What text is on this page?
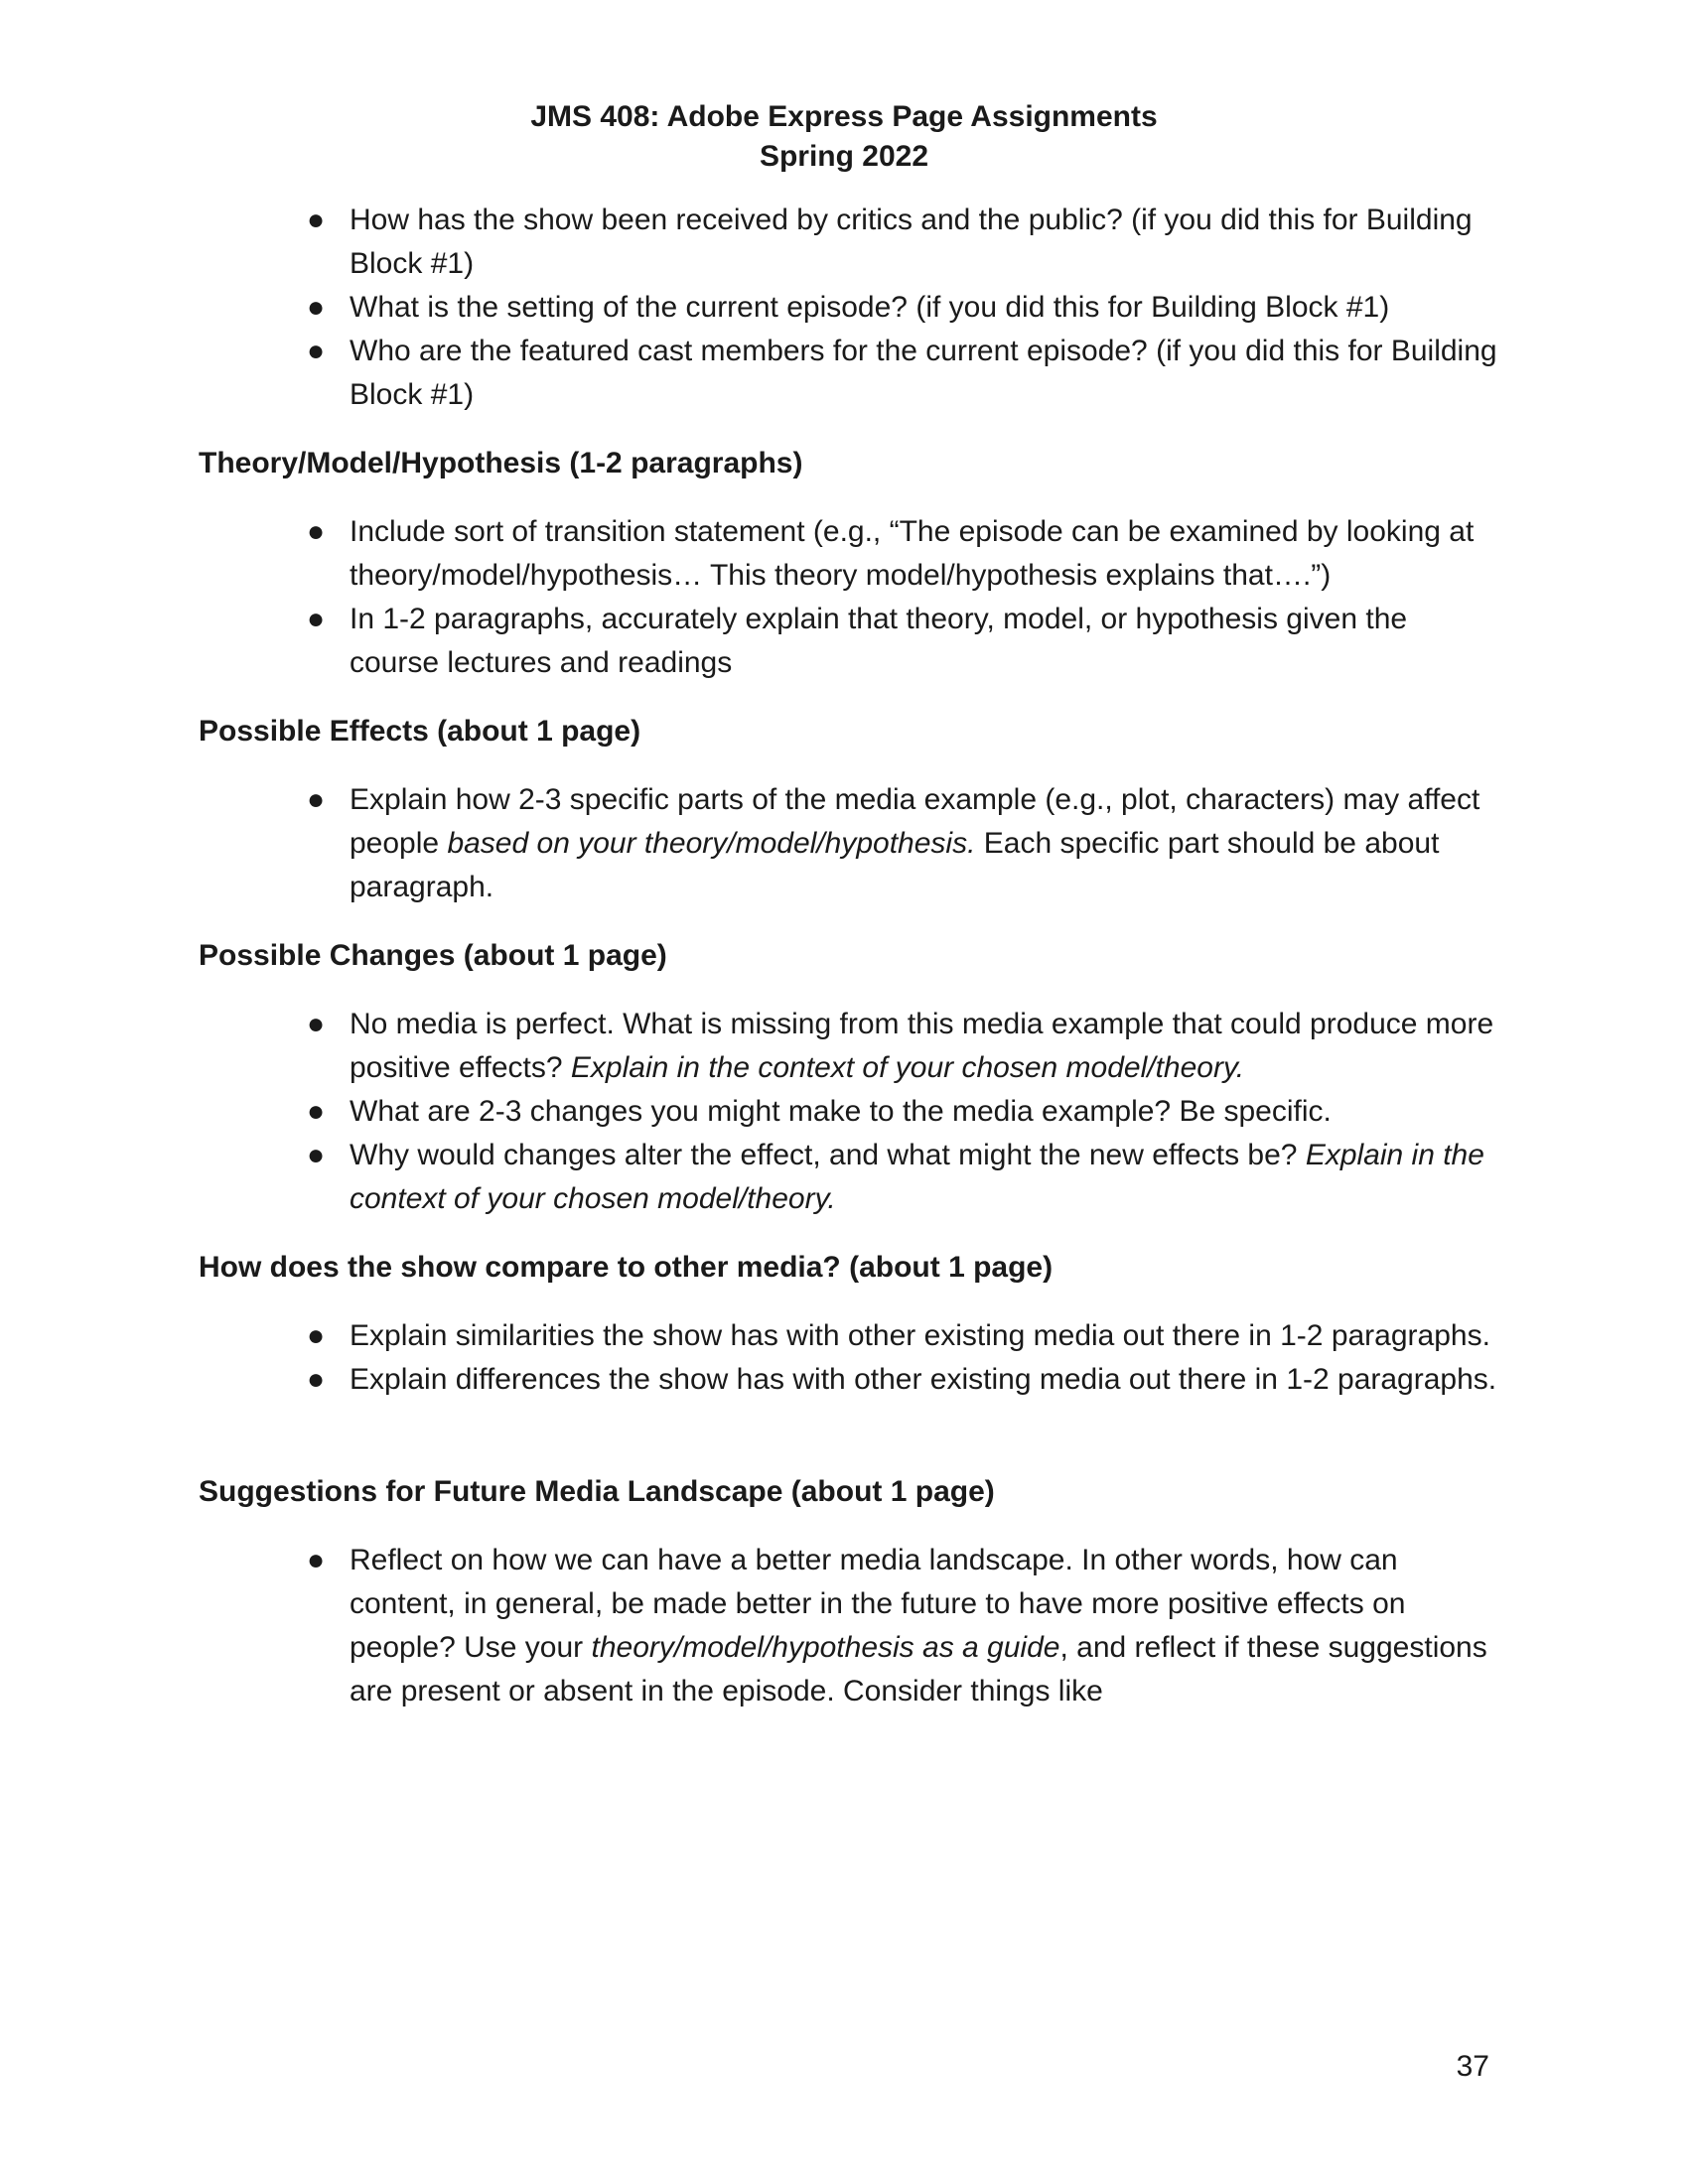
JMS 408: Adobe Express Page Assignments
Spring 2022
● How has the show been received by critics and the public? (if you did this for Building Block #1)
● What is the setting of the current episode? (if you did this for Building Block #1)
● Who are the featured cast members for the current episode? (if you did this for Building Block #1)
Theory/Model/Hypothesis (1-2 paragraphs)
● Include sort of transition statement (e.g., “The episode can be examined by looking at theory/model/hypothesis… This theory model/hypothesis explains that….”)
● In 1-2 paragraphs, accurately explain that theory, model, or hypothesis given the course lectures and readings
Possible Effects (about 1 page)
● Explain how 2-3 specific parts of the media example (e.g., plot, characters) may affect people based on your theory/model/hypothesis. Each specific part should be about paragraph.
Possible Changes (about 1 page)
● No media is perfect. What is missing from this media example that could produce more positive effects? Explain in the context of your chosen model/theory.
● What are 2-3 changes you might make to the media example? Be specific.
● Why would changes alter the effect, and what might the new effects be? Explain in the context of your chosen model/theory.
How does the show compare to other media? (about 1 page)
● Explain similarities the show has with other existing media out there in 1-2 paragraphs.
● Explain differences the show has with other existing media out there in 1-2 paragraphs.
Suggestions for Future Media Landscape (about 1 page)
● Reflect on how we can have a better media landscape. In other words, how can content, in general, be made better in the future to have more positive effects on people? Use your theory/model/hypothesis as a guide, and reflect if these suggestions are present or absent in the episode. Consider things like
37
